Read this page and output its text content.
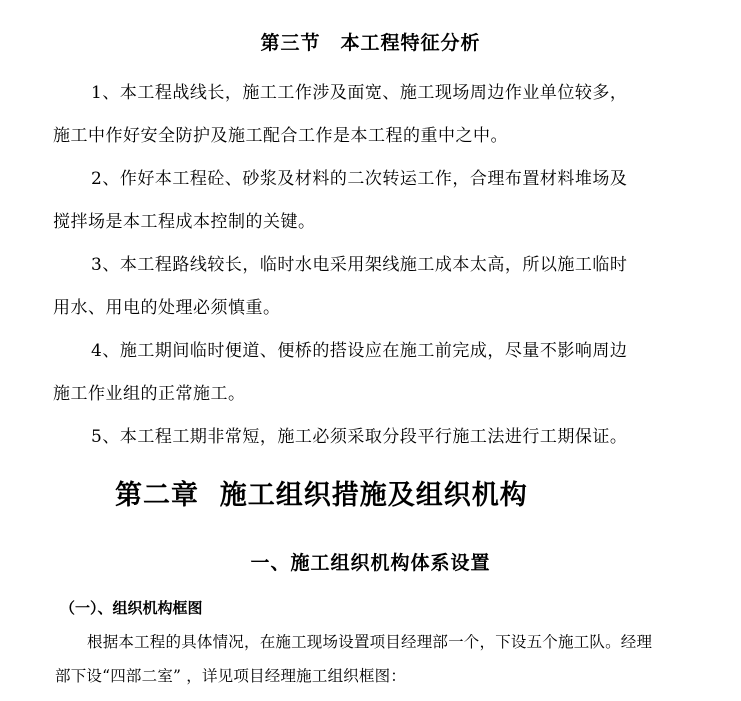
第三节　本工程特征分析
1、本工程战线长，施工工作涉及面宽、施工现场周边作业单位较多，
施工中作好安全防护及施工配合工作是本工程的重中之中。
2、作好本工程砼、砂浆及材料的二次转运工作，合理布置材料堆场及
搅拌场是本工程成本控制的关键。
3、本工程路线较长，临时水电采用架线施工成本太高，所以施工临时
用水、用电的处理必须慎重。
4、施工期间临时便道、便桥的搭设应在施工前完成，尽量不影响周边
施工作业组的正常施工。
5、本工程工期非常短，施工必须采取分段平行施工法进行工期保证。
第二章  施工组织措施及组织机构
一、施工组织机构体系设置
（一）、组织机构框图
根据本工程的具体情况，在施工现场设置项目经理部一个，下设五个施工队。经理
部下设“四部二室” ，详见项目经理施工组织框图：
